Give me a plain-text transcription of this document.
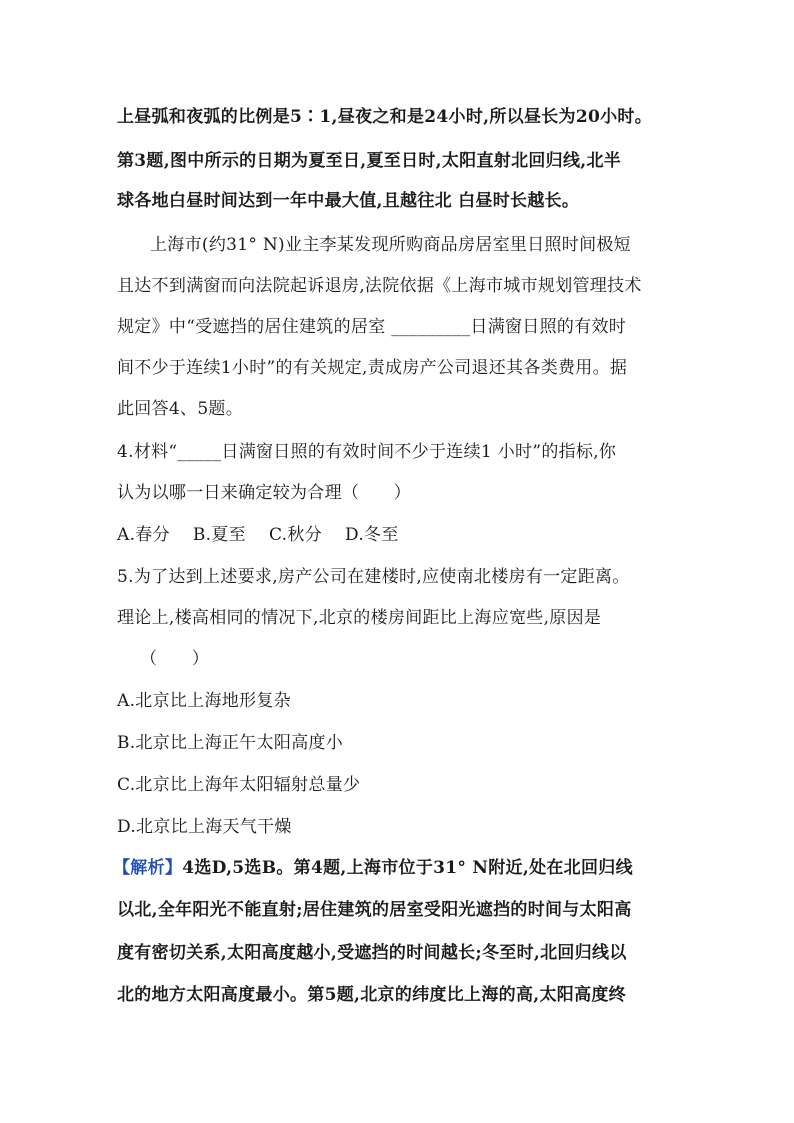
上昼弧和夜弧的比例是5∶1,昼夜之和是24小时,所以昼长为20小时。
第3题,图中所示的日期为夏至日,夏至日时,太阳直射北回归线,北半
球各地白昼时间达到一年中最大值,且越往北 白昼时长越长。
上海市(约31° N)业主李某发现所购商品房居室里日照时间极短
且达不到满窗而向法院起诉退房,法院依据《上海市城市规划管理技术
规定》中“受遮挡的居住建筑的居室 _________日满窗日照的有效时
间不少于连续1小时”的有关规定,责成房产公司退还其各类费用。据
此回答4、5题。
4.材料“_____日满窗日照的有效时间不少于连续1 小时”的指标,你
认为以哪一日来确定较为合理（　　）
A.春分　 B.夏至　 C.秋分　 D.冬至
5.为了达到上述要求,房产公司在建楼时,应使南北楼房有一定距离。
理论上,楼高相同的情况下,北京的楼房间距比上海应宽些,原因是
（　　）
A.北京比上海地形复杂
B.北京比上海正午太阳高度小
C.北京比上海年太阳辐射总量少
D.北京比上海天气干燥
【解析】4选D,5选B。第4题,上海市位于31° N附近,处在北回归线
以北,全年阳光不能直射;居住建筑的居室受阳光遮挡的时间与太阳高
度有密切关系,太阳高度越小,受遮挡的时间越长;冬至时,北回归线以
北的地方太阳高度最小。第5题,北京的纬度比上海的高,太阳高度终
